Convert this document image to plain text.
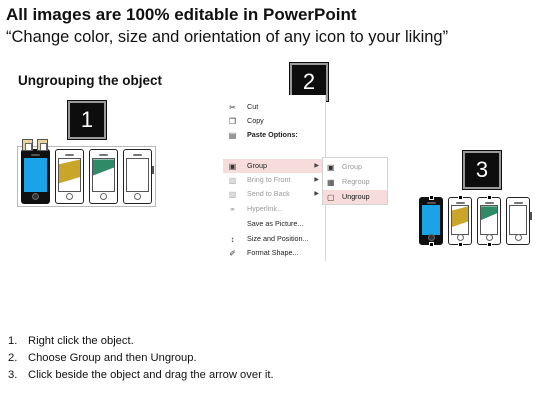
All images are 100% editable in PowerPoint
“Change color, size and orientation of any icon to your liking”
Ungrouping the object
1
2
3
✂ Cut
❐ Copy
▤ Paste Options:
▣ Group	▶
▧ Bring to Front	▶
▨ Send to Back	▶
⚭ Hyperlink...
Save as Picture...
↕	Size and Position...
✐ Format Shape...
▣ Group
▦ Regroup
▢ Ungroup
1. Right click the object.
2. Choose Group and then Ungroup.
3. Click beside the object and drag the arrow over it.
